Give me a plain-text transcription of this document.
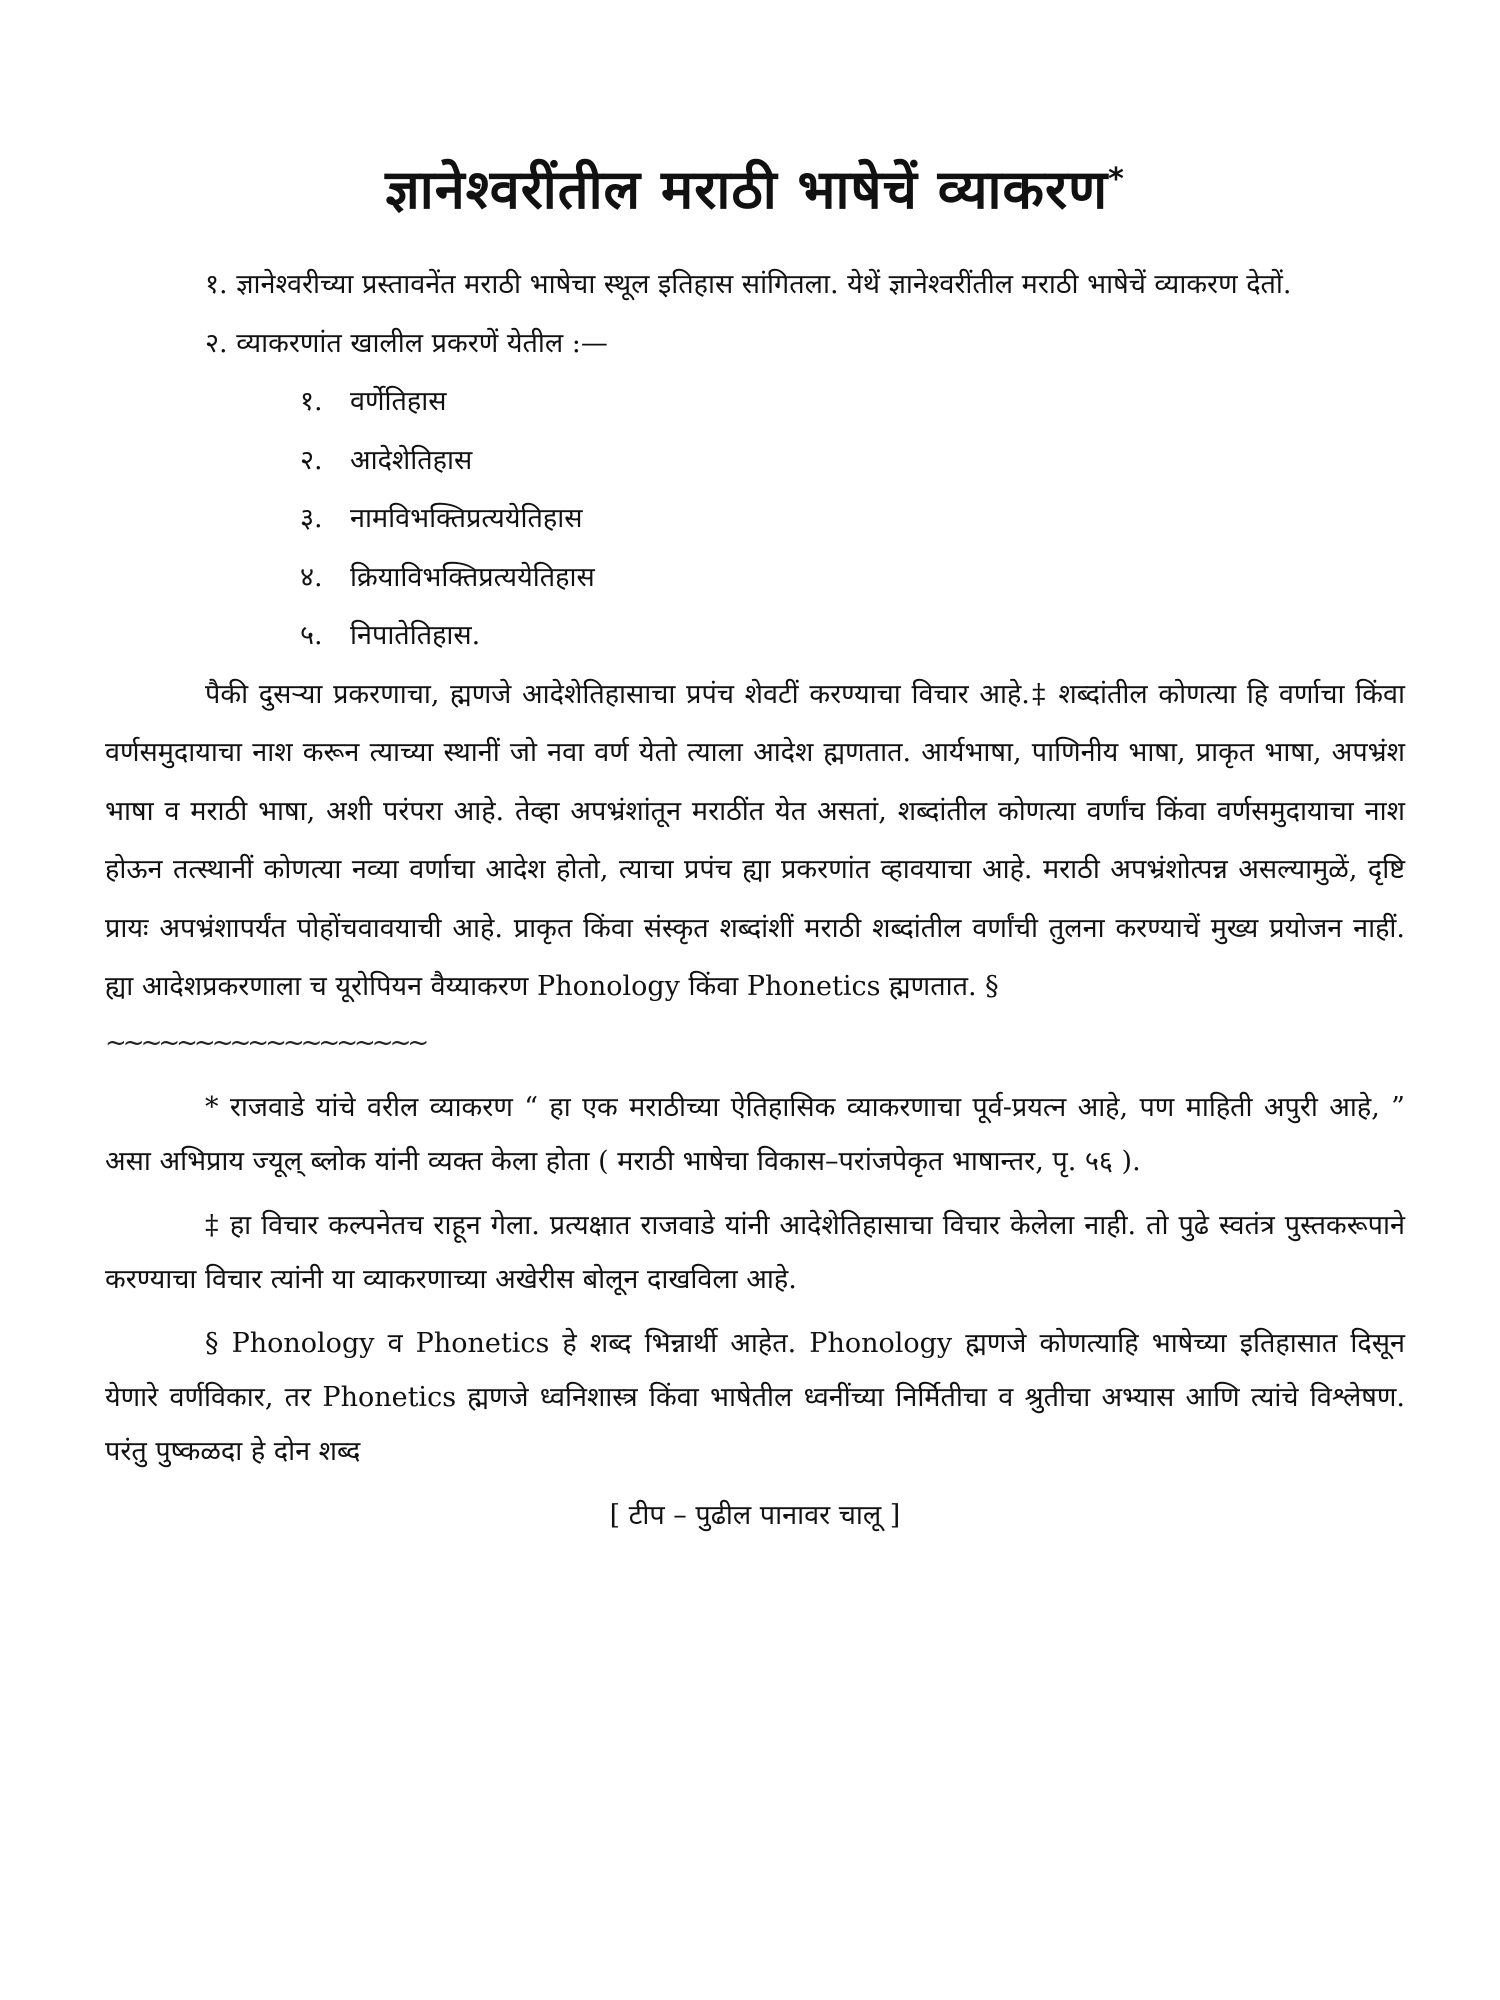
ज्ञानेश्वरींतील मराठी भाषेचें व्याकरण*

१. ज्ञानेश्वरीच्या प्रस्तावनेंत मराठी भाषेचा स्थूल इतिहास सांगितला. येथें ज्ञानेश्वरींतील मराठी भाषेचें व्याकरण देतों.

२. व्याकरणांत खालील प्रकरणें येतील :—

१. वर्णेतिहास
२. आदेशेतिहास
३. नामविभक्तिप्रत्ययेतिहास
४. क्रियाविभक्तिप्रत्ययेतिहास
५. निपातेतिहास.

पैकी दुसऱ्या प्रकरणाचा, ह्मणजे आदेशेतिहासाचा प्रपंच शेवटीं करण्याचा विचार आहे.‡ शब्दांतील कोणत्या हि वर्णाचा किंवा वर्णसमुदायाचा नाश करून त्याच्या स्थानीं जो नवा वर्ण येतो त्याला आदेश ह्मणतात. आर्यभाषा, पाणिनीय भाषा, प्राकृत भाषा, अपभ्रंश भाषा व मराठी भाषा, अशी परंपरा आहे. तेव्हा अपभ्रंशांतून मराठींत येत असतां, शब्दांतील कोणत्या वर्णांच किंवा वर्णसमुदायाचा नाश होऊन तत्स्थानीं कोणत्या नव्या वर्णाचा आदेश होतो, त्याचा प्रपंच ह्या प्रकरणांत व्हावयाचा आहे. मराठी अपभ्रंशोत्पन्न असल्यामुळें, दृष्टि प्रायः अपभ्रंशापर्यंत पोहोंचवावयाची आहे. प्राकृत किंवा संस्कृत शब्दांशीं मराठी शब्दांतील वर्णांची तुलना करण्याचें मुख्य प्रयोजन नाहीं. ह्या आदेशप्रकरणाला च यूरोपियन वैय्याकरण Phonology किंवा Phonetics ह्मणतात. §

~~~~~~~~~~~~~~~~~~

* राजवाडे यांचे वरील व्याकरण “ हा एक मराठीच्या ऐतिहासिक व्याकरणाचा पूर्व-प्रयत्न आहे, पण माहिती अपुरी आहे, ” असा अभिप्राय ज्यूल् ब्लोक यांनी व्यक्त केला होता ( मराठी भाषेचा विकास–परांजपेकृत भाषान्तर, पृ. ५६ ).

‡ हा विचार कल्पनेतच राहून गेला. प्रत्यक्षात राजवाडे यांनी आदेशेतिहासाचा विचार केलेला नाही. तो पुढे स्वतंत्र पुस्तकरूपाने करण्याचा विचार त्यांनी या व्याकरणाच्या अखेरीस बोलून दाखविला आहे.

§ Phonology व Phonetics हे शब्द भिन्नार्थी आहेत. Phonology ह्मणजे कोणत्याहि भाषेच्या इतिहासात दिसून येणारे वर्णविकार, तर Phonetics ह्मणजे ध्वनिशास्त्र किंवा भाषेतील ध्वनींच्या निर्मितीचा व श्रुतीचा अभ्यास आणि त्यांचे विश्लेषण. परंतु पुष्कळदा हे दोन शब्द

[ टीप – पुढील पानावर चालू ]
